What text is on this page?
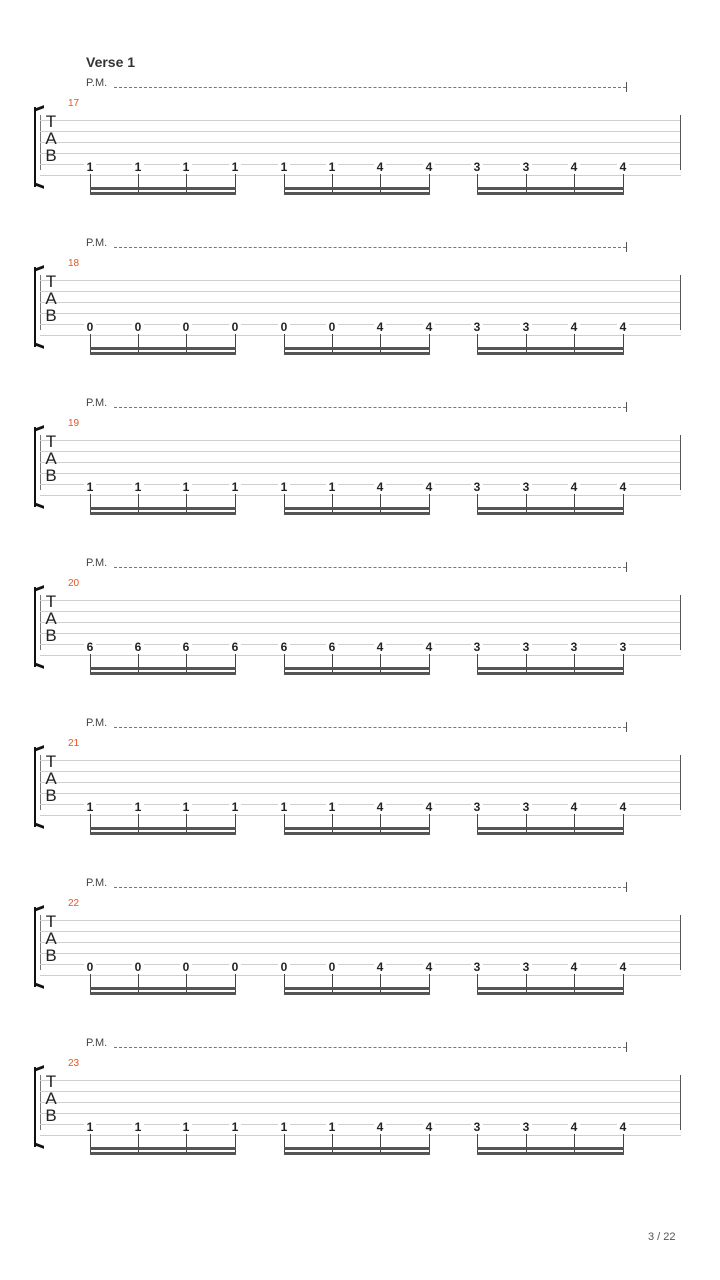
Verse 1
P.M.
17
T
A
B
1	1	1	1	1	1	4	4	3	3	4	4
P.M.
18
T
A
B
0	0	0	0	0	0	4	4	3	3	4	4
P.M.
19
T
A
B
1	1	1	1	1	1	4	4	3	3	4	4
P.M.
20
T
A
B
6	6	6	6	6	6	4	4	3	3	3	3
P.M.
21
T
A
B
1	1	1	1	1	1	4	4	3	3	4	4
P.M.
22
T
A
B
0	0	0	0	0	0	4	4	3	3	4	4
P.M.
23
T
A
B
1	1	1	1	1	1	4	4	3	3	4	4
3 / 22
